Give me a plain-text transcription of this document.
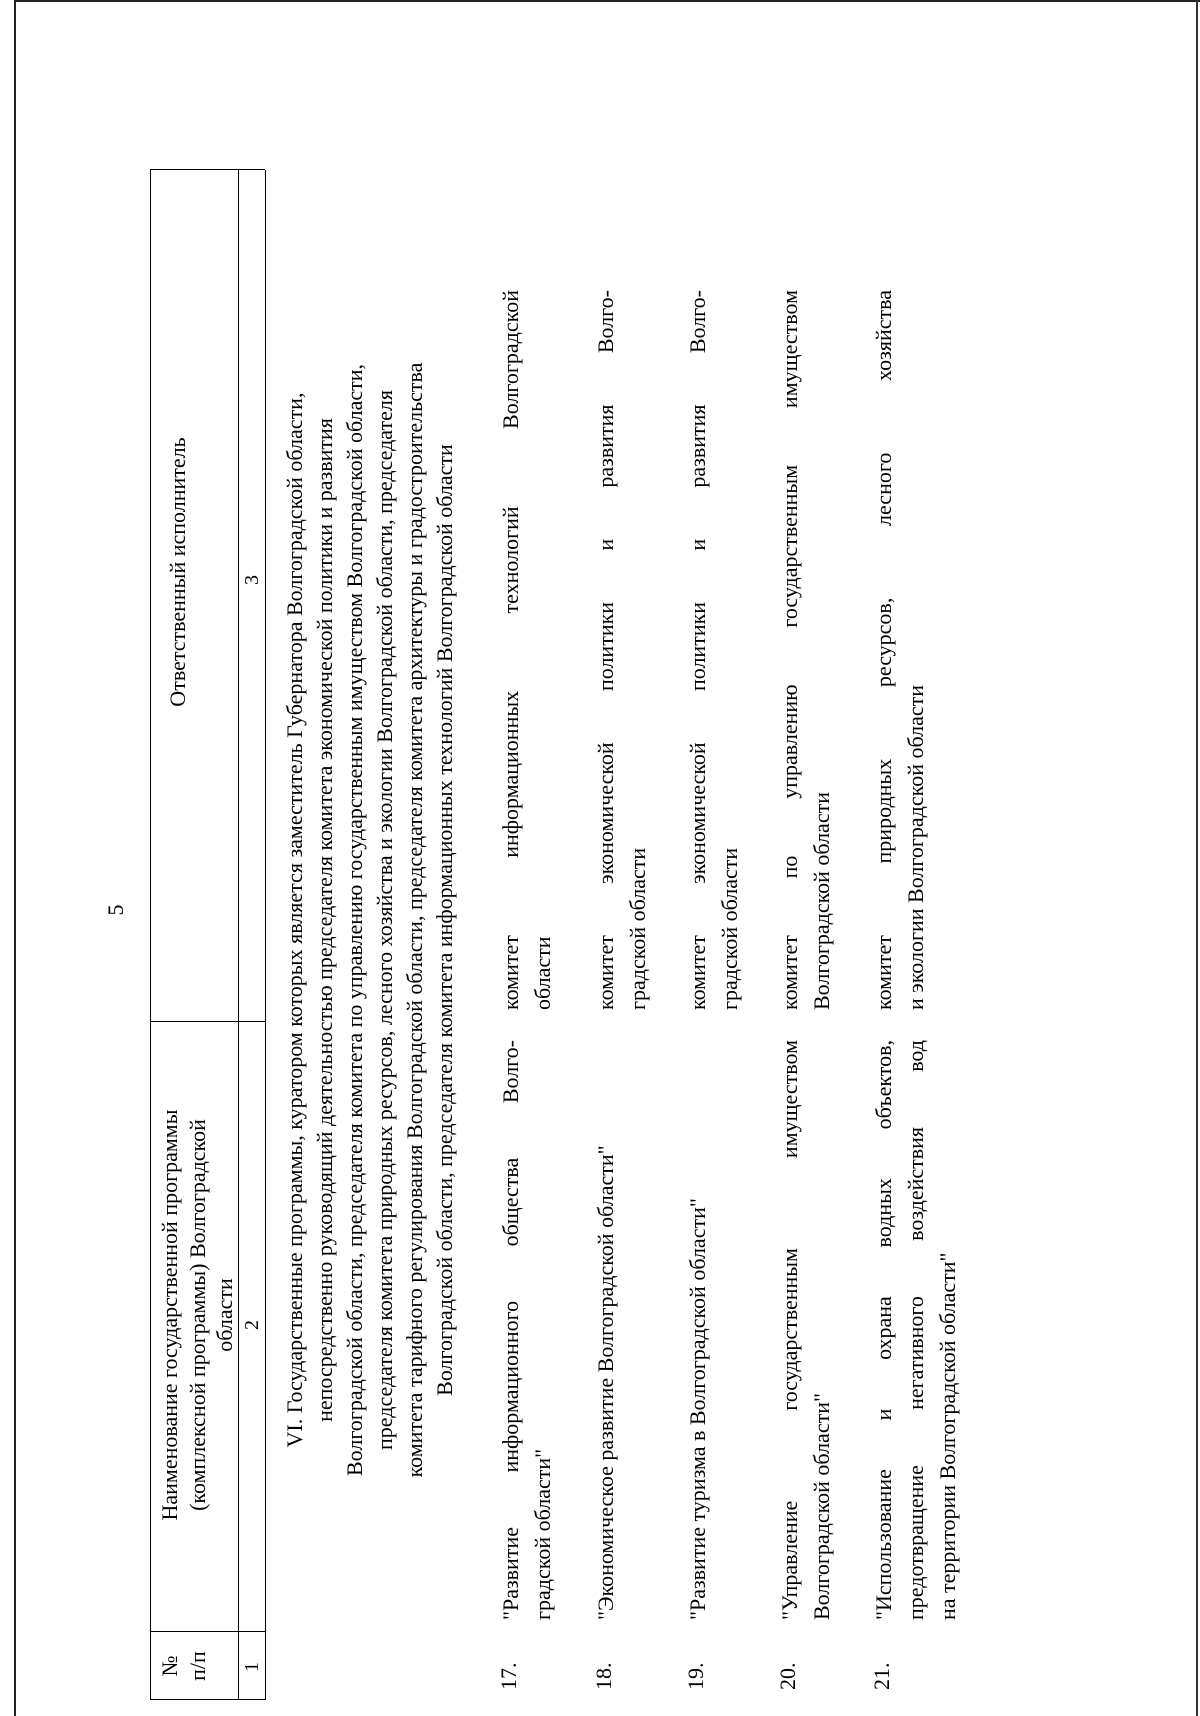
5

№ п/п

Наименование государственной программы (комплексной программы) Волгоградской области

Ответственный исполнитель
1
2
3 VI. Государственные программы, куратором которых является заместитель Губернатора Волгоградской области, непосредственно руководящий деятельностью председателя комитета экономической политики и развития Волгоградской области, председателя комитета по управлению государственным имуществом Волгоградской области, председателя комитета природных ресурсов, лесного хозяйства и экологии Волгоградской области, председателя комитета тарифного регулирования Волгоградской области, председателя комитета архитектуры и градостроительства Волгоградской области, председателя комитета информационных технологий Волгоградской области

17.

"Развитие информационного общества Волго- градской области"

комитет информационных технологий Волгоградской области

18.

"Экономическое развитие Волгоградской области"

комитет экономической политики и развития Волго- градской области

19.

"Развитие туризма в Волгоградской области"

комитет экономической политики и развития Волго- градской области

20.

"Управление государственным имуществом Волгоградской области"

комитет по управлению государственным имуществом Волгоградской области

21.

"Использование и охрана водных объектов, предотвращение негативного воздействия вод на территории Волгоградской области"

комитет природных ресурсов, лесного хозяйства и экологии Волгоградской области
